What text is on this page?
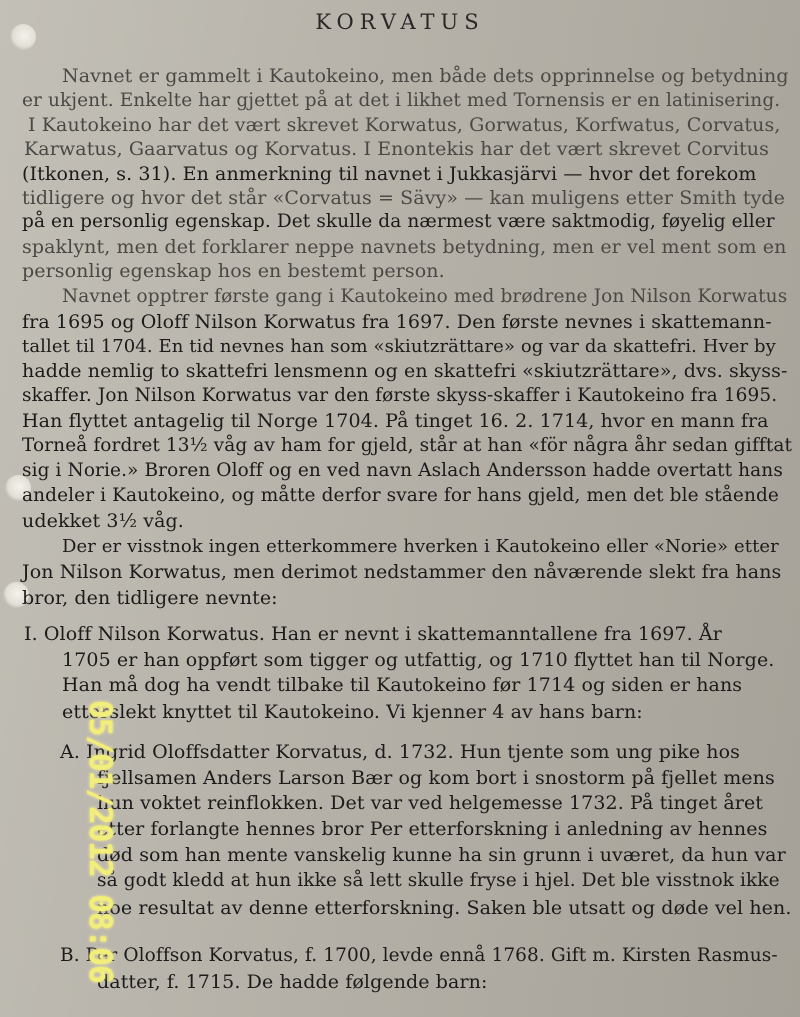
KORVATUS
Navnet er gammelt i Kautokeino, men både dets opprinnelse og betydning
er ukjent. Enkelte har gjettet på at det i likhet med Tornensis er en latinisering.
I Kautokeino har det vært skrevet Korwatus, Gorwatus, Korfwatus, Corvatus,
Karwatus, Gaarvatus og Korvatus. I Enontekis har det vært skrevet Corvitus
(Itkonen, s. 31). En anmerkning til navnet i Jukkasjärvi — hvor det forekom
tidligere og hvor det står «Corvatus = Sävy» — kan muligens etter Smith tyde
på en personlig egenskap. Det skulle da nærmest være saktmodig, føyelig eller
spaklynt, men det forklarer neppe navnets betydning, men er vel ment som en
personlig egenskap hos en bestemt person.
Navnet opptrer første gang i Kautokeino med brødrene Jon Nilson Korwatus
fra 1695 og Oloff Nilson Korwatus fra 1697. Den første nevnes i skattemann-
tallet til 1704. En tid nevnes han som «skiutzrättare» og var da skattefri. Hver by
hadde nemlig to skattefri lensmenn og en skattefri «skiutzrättare», dvs. skyss-
skaffer. Jon Nilson Korwatus var den første skyss-skaffer i Kautokeino fra 1695.
Han flyttet antagelig til Norge 1704. På tinget 16. 2. 1714, hvor en mann fra
Torneå fordret 13½ våg av ham for gjeld, står at han «för några åhr sedan gifftat
sig i Norie.» Broren Oloff og en ved navn Aslach Andersson hadde overtatt hans
andeler i Kautokeino, og måtte derfor svare for hans gjeld, men det ble stående
udekket 3½ våg.
Der er visstnok ingen etterkommere hverken i Kautokeino eller «Norie» etter
Jon Nilson Korwatus, men derimot nedstammer den nåværende slekt fra hans
bror, den tidligere nevnte:
I. Oloff Nilson Korwatus. Han er nevnt i skattemanntallene fra 1697. År
1705 er han oppført som tigger og utfattig, og 1710 flyttet han til Norge.
Han må dog ha vendt tilbake til Kautokeino før 1714 og siden er hans
etterslekt knyttet til Kautokeino. Vi kjenner 4 av hans barn:
A. Ingrid Oloffsdatter Korvatus, d. 1732. Hun tjente som ung pike hos
fjellsamen Anders Larson Bær og kom bort i snostorm på fjellet mens
hun voktet reinflokken. Det var ved helgemesse 1732. På tinget året
etter forlangte hennes bror Per etterforskning i anledning av hennes
død som han mente vanskelig kunne ha sin grunn i uværet, da hun var
så godt kledd at hun ikke så lett skulle fryse i hjel. Det ble visstnok ikke
noe resultat av denne etterforskning. Saken ble utsatt og døde vel hen.
B. Per Oloffson Korvatus, f. 1700, levde ennå 1768. Gift m. Kirsten Rasmus-
datter, f. 1715. De hadde følgende barn:
05/01/2012 08:06
